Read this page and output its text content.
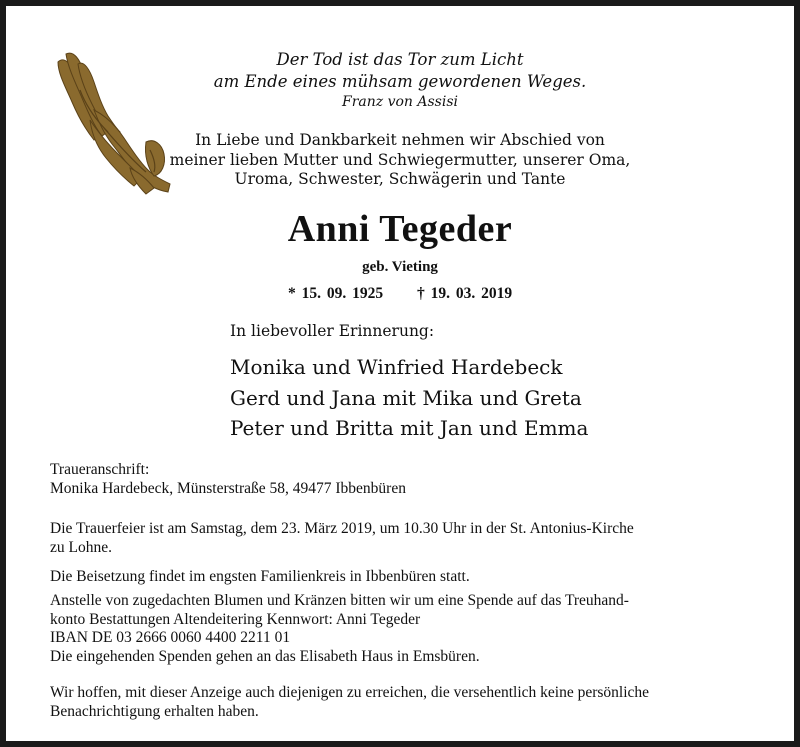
Der Tod ist das Tor zum Licht
am Ende eines mühsam gewordenen Weges.
Franz von Assisi
In Liebe und Dankbarkeit nehmen wir Abschied von
meiner lieben Mutter und Schwiegermutter, unserer Oma,
Uroma, Schwester, Schwägerin und Tante
Anni Tegeder
geb. Vieting
* 15. 09. 1925 † 19. 03. 2019
In liebevoller Erinnerung:
Monika und Winfried Hardebeck
Gerd und Jana mit Mika und Greta
Peter und Britta mit Jan und Emma
Traueranschrift:
Monika Hardebeck, Münsterstraße 58, 49477 Ibbenbüren
Die Trauerfeier ist am Samstag, dem 23. März 2019, um 10.30 Uhr in der St. Antonius-Kirche
zu Lohne.
Die Beisetzung findet im engsten Familienkreis in Ibbenbüren statt.
Anstelle von zugedachten Blumen und Kränzen bitten wir um eine Spende auf das Treuhand-
konto Bestattungen Altendeitering Kennwort: Anni Tegeder
IBAN DE 03 2666 0060 4400 2211 01
Die eingehenden Spenden gehen an das Elisabeth Haus in Emsbüren.
Wir hoffen, mit dieser Anzeige auch diejenigen zu erreichen, die versehentlich keine persönliche
Benachrichtigung erhalten haben.
